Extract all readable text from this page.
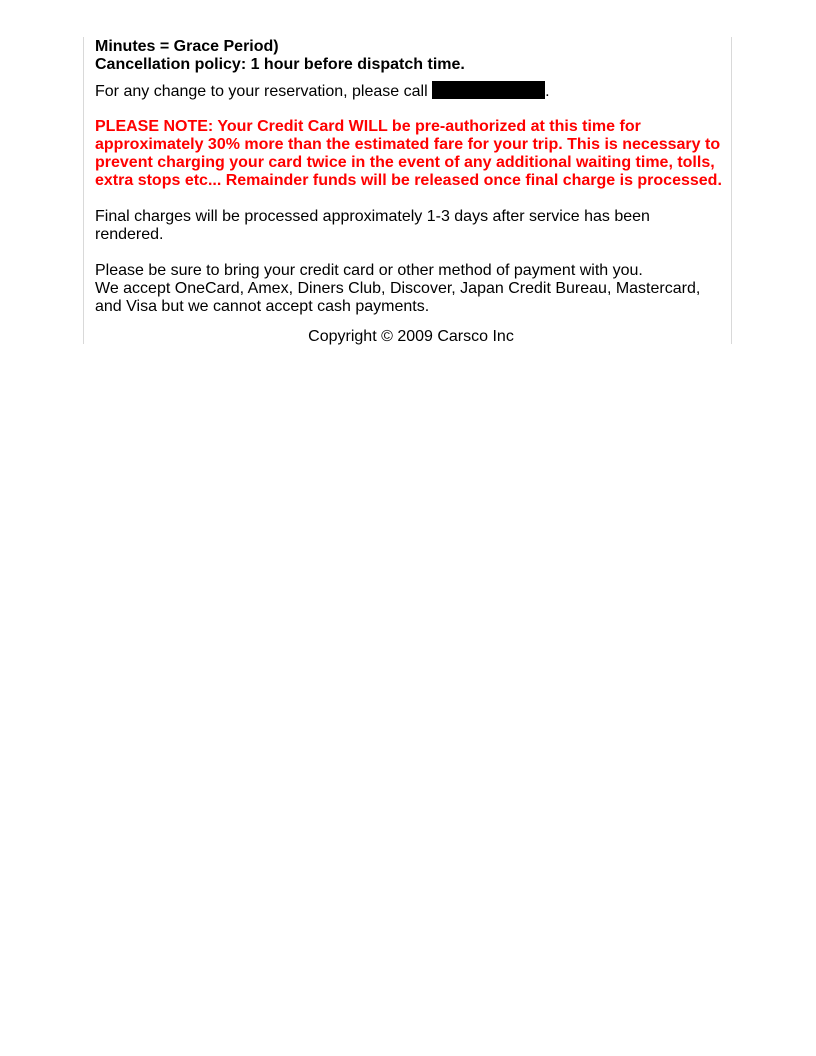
Minutes = Grace Period)
Cancellation policy: 1 hour before dispatch time.
For any change to your reservation, please call	.
PLEASE NOTE: Your Credit Card WILL be pre-authorized at this time for
approximately 30% more than the estimated fare for your trip. This is necessary to
prevent charging your card twice in the event of any additional waiting time, tolls,
extra stops etc... Remainder funds will be released once final charge is processed.
Final charges will be processed approximately 1-3 days after service has been
rendered.
Please be sure to bring your credit card or other method of payment with you.
We accept OneCard, Amex, Diners Club, Discover, Japan Credit Bureau, Mastercard,
and Visa but we cannot accept cash payments.
Copyright © 2009 Carsco Inc
